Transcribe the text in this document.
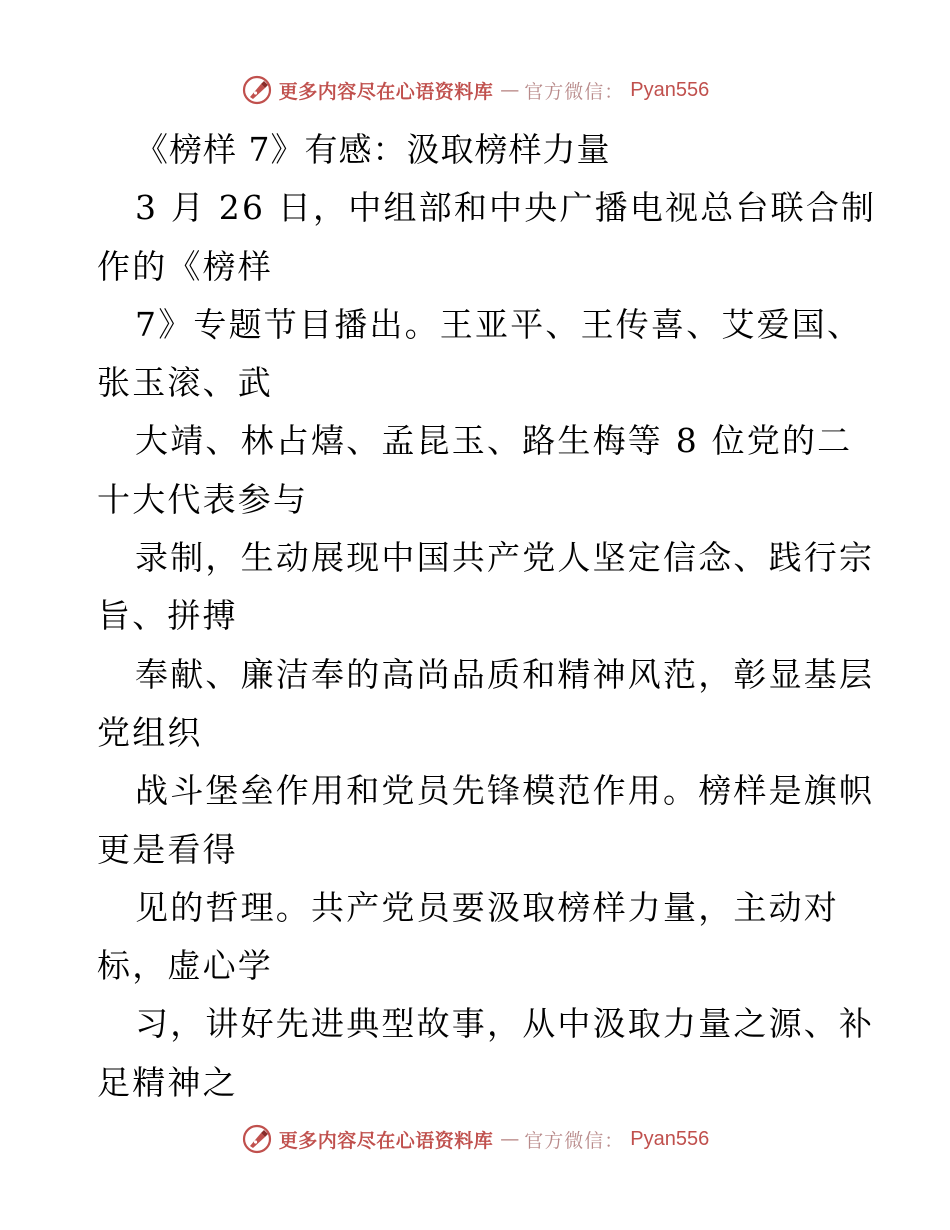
更多内容尽在心语资料库 — 官方微信： Pyan556
《榜样 7》有感：汲取榜样力量
3 月 26 日，中组部和中央广播电视总台联合制
作的《榜样
7》专题节目播出。王亚平、王传喜、艾爱国、
张玉滚、武
大靖、林占熺、孟昆玉、路生梅等 8 位党的二
十大代表参与
录制，生动展现中国共产党人坚定信念、践行宗
旨、拼搏
奉献、廉洁奉的高尚品质和精神风范，彰显基层
党组织
战斗堡垒作用和党员先锋模范作用。榜样是旗帜
更是看得
见的哲理。共产党员要汲取榜样力量，主动对
标，虚心学
习，讲好先进典型故事，从中汲取力量之源、补
足精神之
更多内容尽在心语资料库 — 官方微信： Pyan556
